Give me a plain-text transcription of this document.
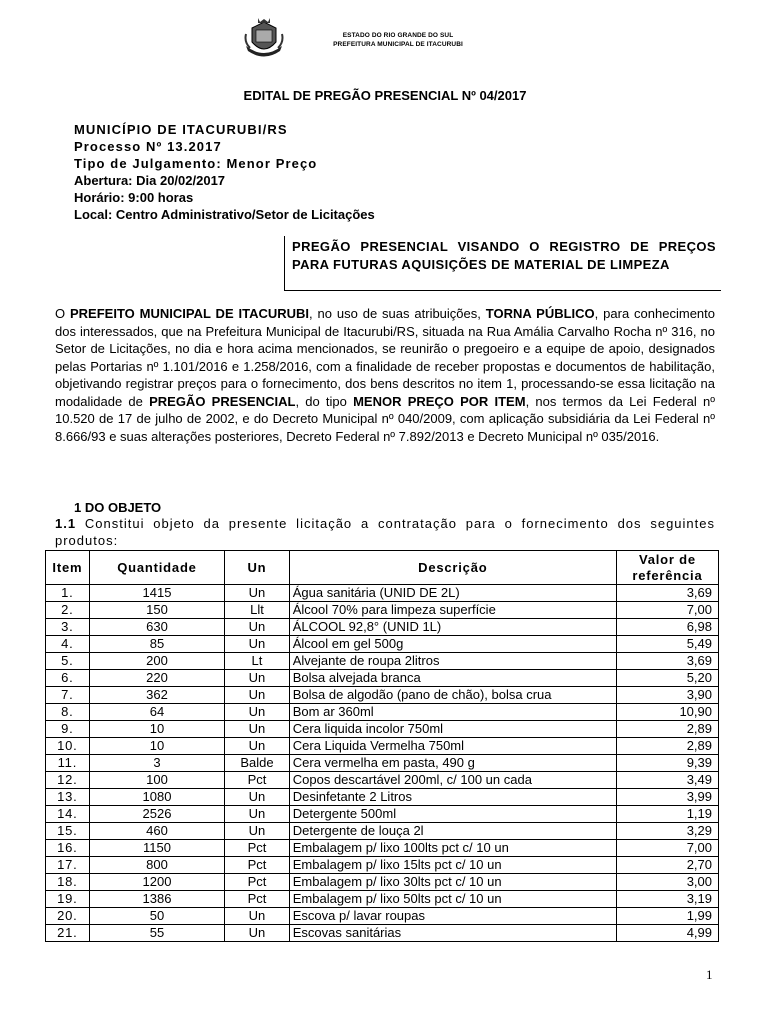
ESTADO DO RIO GRANDE DO SUL
PREFEITURA MUNICIPAL DE ITACURUBI
EDITAL DE PREGÃO PRESENCIAL Nº 04/2017
MUNICÍPIO DE ITACURUBI/RS
Processo Nº 13.2017
Tipo de Julgamento: Menor Preço
Abertura: Dia 20/02/2017
Horário: 9:00 horas
Local: Centro Administrativo/Setor de Licitações
PREGÃO PRESENCIAL VISANDO O REGISTRO DE PREÇOS PARA FUTURAS AQUISIÇÕES DE MATERIAL DE LIMPEZA
O PREFEITO MUNICIPAL DE ITACURUBI, no uso de suas atribuições, TORNA PÚBLICO, para conhecimento dos interessados, que na Prefeitura Municipal de Itacurubi/RS, situada na Rua Amália Carvalho Rocha nº 316, no Setor de Licitações, no dia e hora acima mencionados, se reunirão o pregoeiro e a equipe de apoio, designados pelas Portarias nº 1.101/2016 e 1.258/2016, com a finalidade de receber propostas e documentos de habilitação, objetivando registrar preços para o fornecimento, dos bens descritos no item 1, processando-se essa licitação na modalidade de PREGÃO PRESENCIAL, do tipo MENOR PREÇO POR ITEM, nos termos da Lei Federal nº 10.520 de 17 de julho de 2002, e do Decreto Municipal nº 040/2009, com aplicação subsidiária da Lei Federal nº 8.666/93 e suas alterações posteriores, Decreto Federal nº 7.892/2013 e Decreto Municipal nº 035/2016.
1 DO OBJETO
1.1 Constitui objeto da presente licitação a contratação para o fornecimento dos seguintes produtos:
Item	Quantidade	Un	Descrição	Valor de referência
1.	1415	Un	Água sanitária (UNID DE 2L)	3,69
2.	150	Llt	Álcool 70% para limpeza superfície	7,00
3.	630	Un	ÁLCOOL 92,8° (UNID 1L)	6,98
4.	85	Un	Álcool em gel 500g	5,49
5.	200	Lt	Alvejante de roupa 2litros	3,69
6.	220	Un	Bolsa alvejada branca	5,20
7.	362	Un	Bolsa de algodão (pano de chão), bolsa crua	3,90
8.	64	Un	Bom ar 360ml	10,90
9.	10	Un	Cera liquida incolor 750ml	2,89
10.	10	Un	Cera Liquida Vermelha 750ml	2,89
11.	3	Balde	Cera vermelha em pasta, 490 g	9,39
12.	100	Pct	Copos descartável 200ml, c/ 100 un cada	3,49
13.	1080	Un	Desinfetante 2 Litros	3,99
14.	2526	Un	Detergente 500ml	1,19
15.	460	Un	Detergente de louça 2l	3,29
16.	1150	Pct	Embalagem p/ lixo 100lts pct c/ 10 un	7,00
17.	800	Pct	Embalagem p/ lixo 15lts pct c/ 10 un	2,70
18.	1200	Pct	Embalagem p/ lixo 30lts pct c/ 10 un	3,00
19.	1386	Pct	Embalagem p/ lixo 50lts pct c/ 10 un	3,19
20.	50	Un	Escova p/ lavar roupas	1,99
21.	55	Un	Escovas sanitárias	4,99
1
